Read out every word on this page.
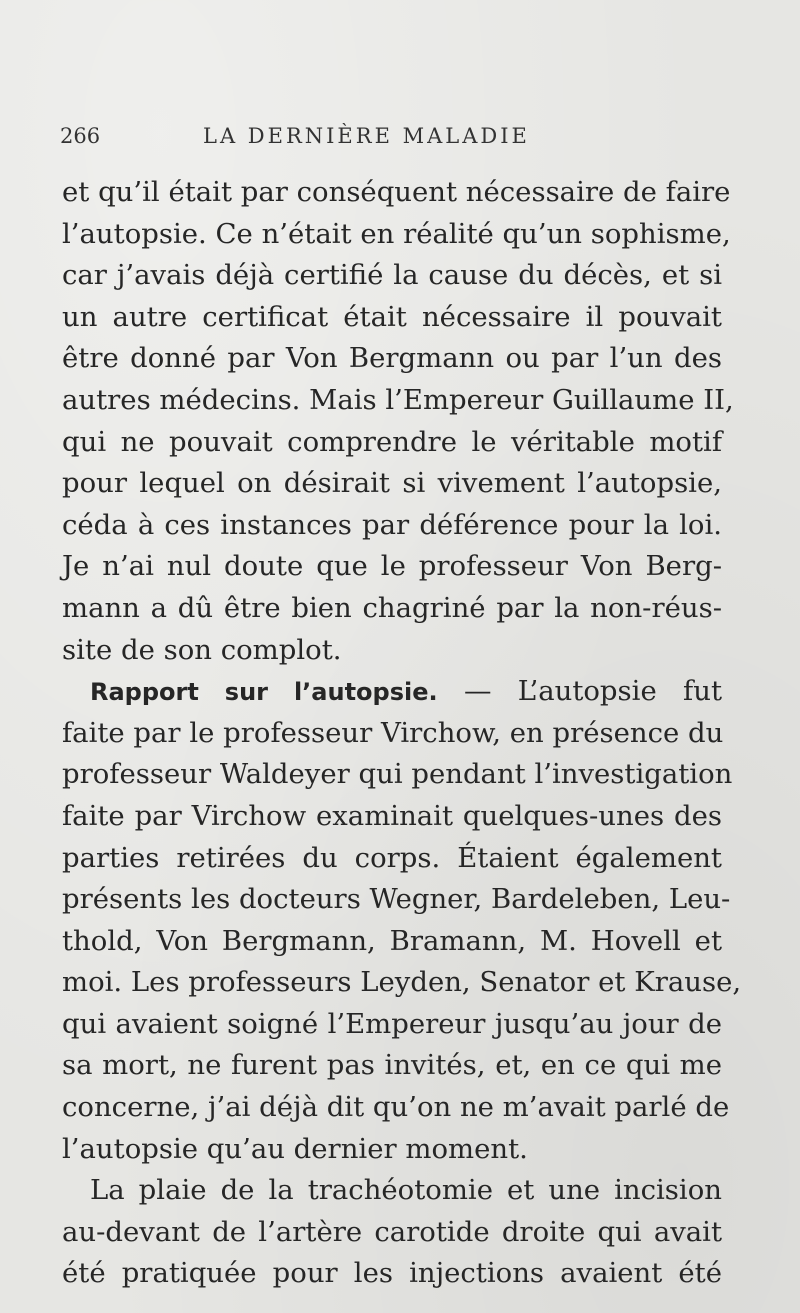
266	LA DERNIÈRE MALADIE
et qu’il était par conséquent nécessaire de faire
l’autopsie. Ce n’était en réalité qu’un sophisme,
car j’avais déjà certifié la cause du décès, et si
un autre certificat était nécessaire il pouvait
être donné par Von Bergmann ou par l’un des
autres médecins. Mais l’Empereur Guillaume II,
qui ne pouvait comprendre le véritable motif
pour lequel on désirait si vivement l’autopsie,
céda à ces instances par déférence pour la loi.
Je n’ai nul doute que le professeur Von Berg-
mann a dû être bien chagriné par la non-réus-
site de son complot.
Rapport sur l’autopsie. — L’autopsie fut
faite par le professeur Virchow, en présence du
professeur Waldeyer qui pendant l’investigation
faite par Virchow examinait quelques-unes des
parties retirées du corps. Étaient également
présents les docteurs Wegner, Bardeleben, Leu-
thold, Von Bergmann, Bramann, M. Hovell et
moi. Les professeurs Leyden, Senator et Krause,
qui avaient soigné l’Empereur jusqu’au jour de
sa mort, ne furent pas invités, et, en ce qui me
concerne, j’ai déjà dit qu’on ne m’avait parlé de
l’autopsie qu’au dernier moment.
La plaie de la trachéotomie et une incision
au-devant de l’artère carotide droite qui avait
été pratiquée pour les injections avaient été
